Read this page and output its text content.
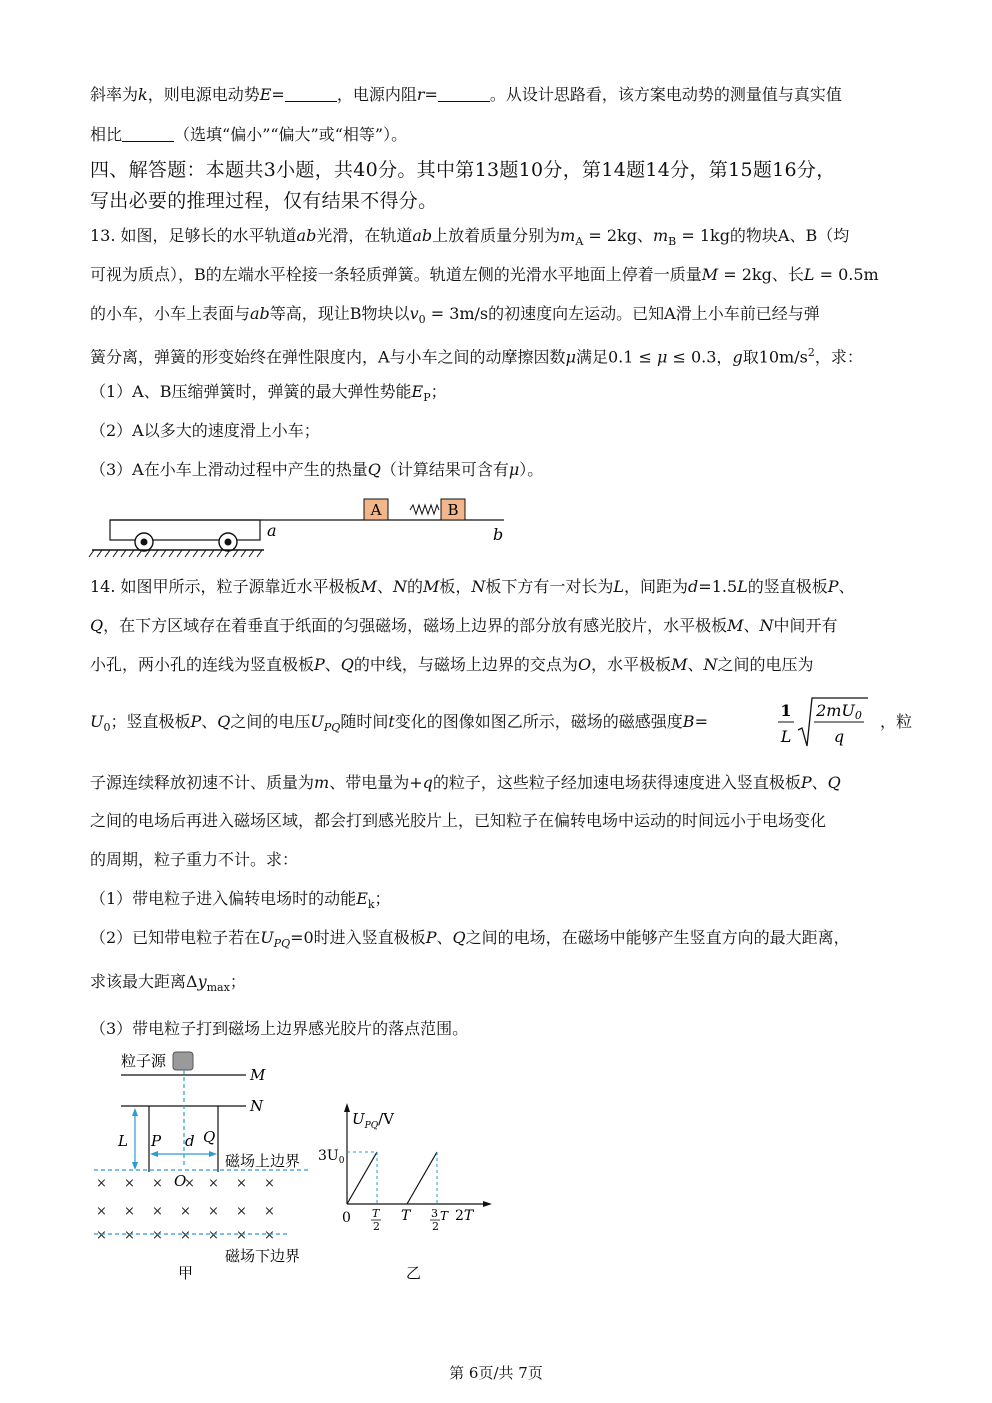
斜率为k，则电源电动势E=	，电源内阻r=	。从设计思路看，该方案电动势的测量值与真实值
相比	（选填“偏小”“偏大”或“相等”）。
四、解答题：本题共3小题，共40分。其中第13题10分，第14题14分，第15题16分，
写出必要的推理过程，仅有结果不得分。
13. 如图，足够长的水平轨道ab光滑，在轨道ab上放着质量分别为$m_A = 2kg$、$m_B = 1kg$的物块A、B（均
可视为质点），B的左端水平栓接一条轻质弹簧。轨道左侧的光滑水平地面上停着一质量M = 2kg、长L = 0.5m
的小车，小车上表面与ab等高，现让B物块以$v_0 = 3m/s$的初速度向左运动。已知A滑上小车前已经与弹
簧分离，弹簧的形变始终在弹性限度内，A与小车之间的动摩擦因数μ满足0.1 ≤ μ ≤ 0.3，g取$10m/s^2$，求：
（1）A、B压缩弹簧时，弹簧的最大弹性势能$E_P$；
（2）A以多大的速度滑上小车；
（3）A在小车上滑动过程中产生的热量Q（计算结果可含有μ）。
A	B
a	b
14. 如图甲所示，粒子源靠近水平极板M、N的M板，N板下方有一对长为L，间距为d=1.5L的竖直极板P、
Q，在下方区域存在着垂直于纸面的匀强磁场，磁场上边界的部分放有感光胶片，水平极板M、N中间开有
小孔，两小孔的连线为竖直极板P、Q的中线，与磁场上边界的交点为O，水平极板M、N之间的电压为
$U_0$；竖直极板P、Q之间的电压$U_{PQ}$随时间t变化的图像如图乙所示，磁场的磁感强度B=
1
L
2mU0
q
，粒
子源连续释放初速不计、质量为m、带电量为+q的粒子，这些粒子经加速电场获得速度进入竖直极板P、Q
之间的电场后再进入磁场区域，都会打到感光胶片上，已知粒子在偏转电场中运动的时间远小于电场变化
的周期，粒子重力不计。求：
（1）带电粒子进入偏转电场时的动能$E_k$；
（2）已知带电粒子若在$U_{PQ}=0$时进入竖直极板P、Q之间的电场，在磁场中能够产生竖直方向的最大距离，
求该最大距离$\Delta y_{max}$；
（3）带电粒子打到磁场上边界感光胶片的落点范围。
粒子源
M
N
L P d Q
磁场上边界
O
× × × × × × ×
× × × × × × ×
× × × × × × ×
磁场下边界
甲
$U_{PQ}/V$
$3U_0$
0 T
2
T 3
2
T 2T
乙
第 6页/共 7页
